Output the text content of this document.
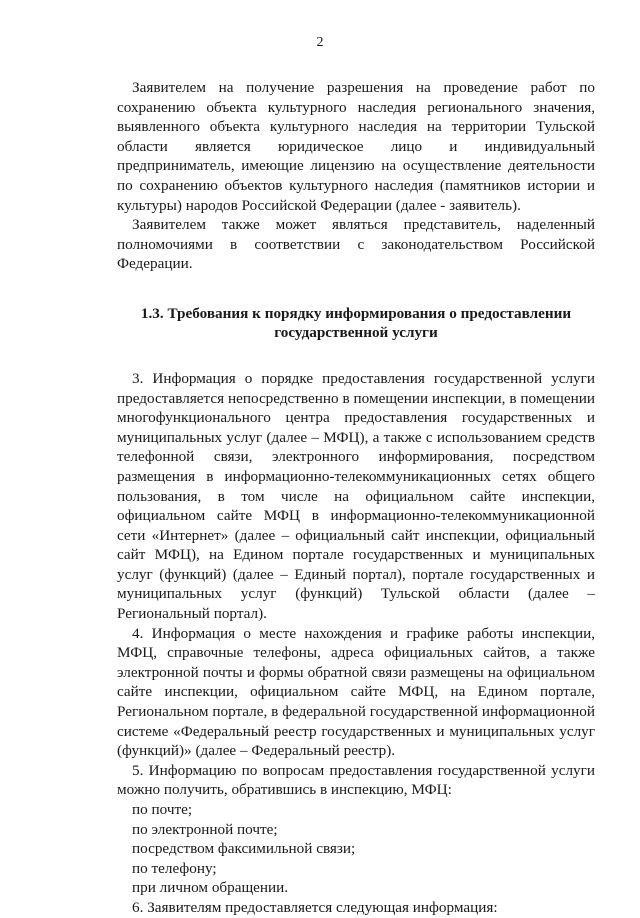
2

Заявителем на получение разрешения на проведение работ по сохранению объекта культурного наследия регионального значения, выявленного объекта культурного наследия на территории Тульской области является юридическое лицо и индивидуальный предприниматель, имеющие лицензию на осуществление деятельности по сохранению объектов культурного наследия (памятников истории и культуры) народов Российской Федерации (далее - заявитель).

Заявителем также может являться представитель, наделенный полномочиями в соответствии с законодательством Российской Федерации.

1.3. Требования к порядку информирования о предоставлении государственной услуги

3. Информация о порядке предоставления государственной услуги предоставляется непосредственно в помещении инспекции, в помещении многофункционального центра предоставления государственных и муниципальных услуг (далее – МФЦ), а также с использованием средств телефонной связи, электронного информирования, посредством размещения в информационно-телекоммуникационных сетях общего пользования, в том числе на официальном сайте инспекции, официальном сайте МФЦ в информационно-телекоммуникационной сети «Интернет» (далее – официальный сайт инспекции, официальный сайт МФЦ), на Едином портале государственных и муниципальных услуг (функций) (далее – Единый портал), портале государственных и муниципальных услуг (функций) Тульской области (далее – Региональный портал).

4. Информация о месте нахождения и графике работы инспекции, МФЦ, справочные телефоны, адреса официальных сайтов, а также электронной почты и формы обратной связи размещены на официальном сайте инспекции, официальном сайте МФЦ, на Едином портале, Региональном портале, в федеральной государственной информационной системе «Федеральный реестр государственных и муниципальных услуг (функций)» (далее – Федеральный реестр).

5. Информацию по вопросам предоставления государственной услуги можно получить, обратившись в инспекцию, МФЦ:

по почте;

по электронной почте;

посредством факсимильной связи;

по телефону;

при личном обращении.

6. Заявителям предоставляется следующая информация:
